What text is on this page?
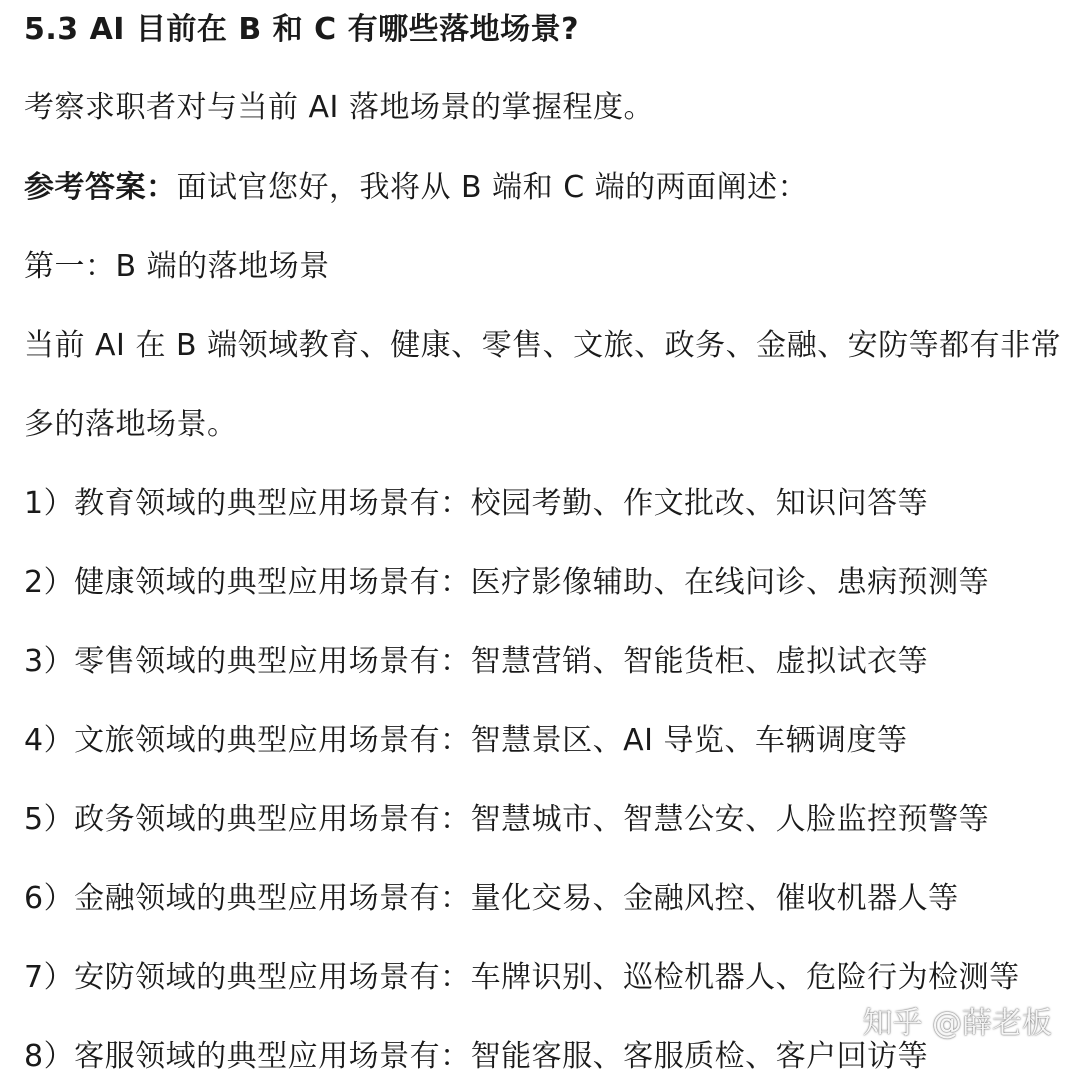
5.3 AI 目前在 B 和 C 有哪些落地场景?
考察求职者对与当前 AI 落地场景的掌握程度。
参考答案：面试官您好，我将从 B 端和 C 端的两面阐述：
第一：B 端的落地场景
当前 AI 在 B 端领域教育、健康、零售、文旅、政务、金融、安防等都有非常
多的落地场景。
1）教育领域的典型应用场景有：校园考勤、作文批改、知识问答等
2）健康领域的典型应用场景有：医疗影像辅助、在线问诊、患病预测等
3）零售领域的典型应用场景有：智慧营销、智能货柜、虚拟试衣等
4）文旅领域的典型应用场景有：智慧景区、AI 导览、车辆调度等
5）政务领域的典型应用场景有：智慧城市、智慧公安、人脸监控预警等
6）金融领域的典型应用场景有：量化交易、金融风控、催收机器人等
7）安防领域的典型应用场景有：车牌识别、巡检机器人、危险行为检测等
8）客服领域的典型应用场景有：智能客服、客服质检、客户回访等
知乎 @薛老板
